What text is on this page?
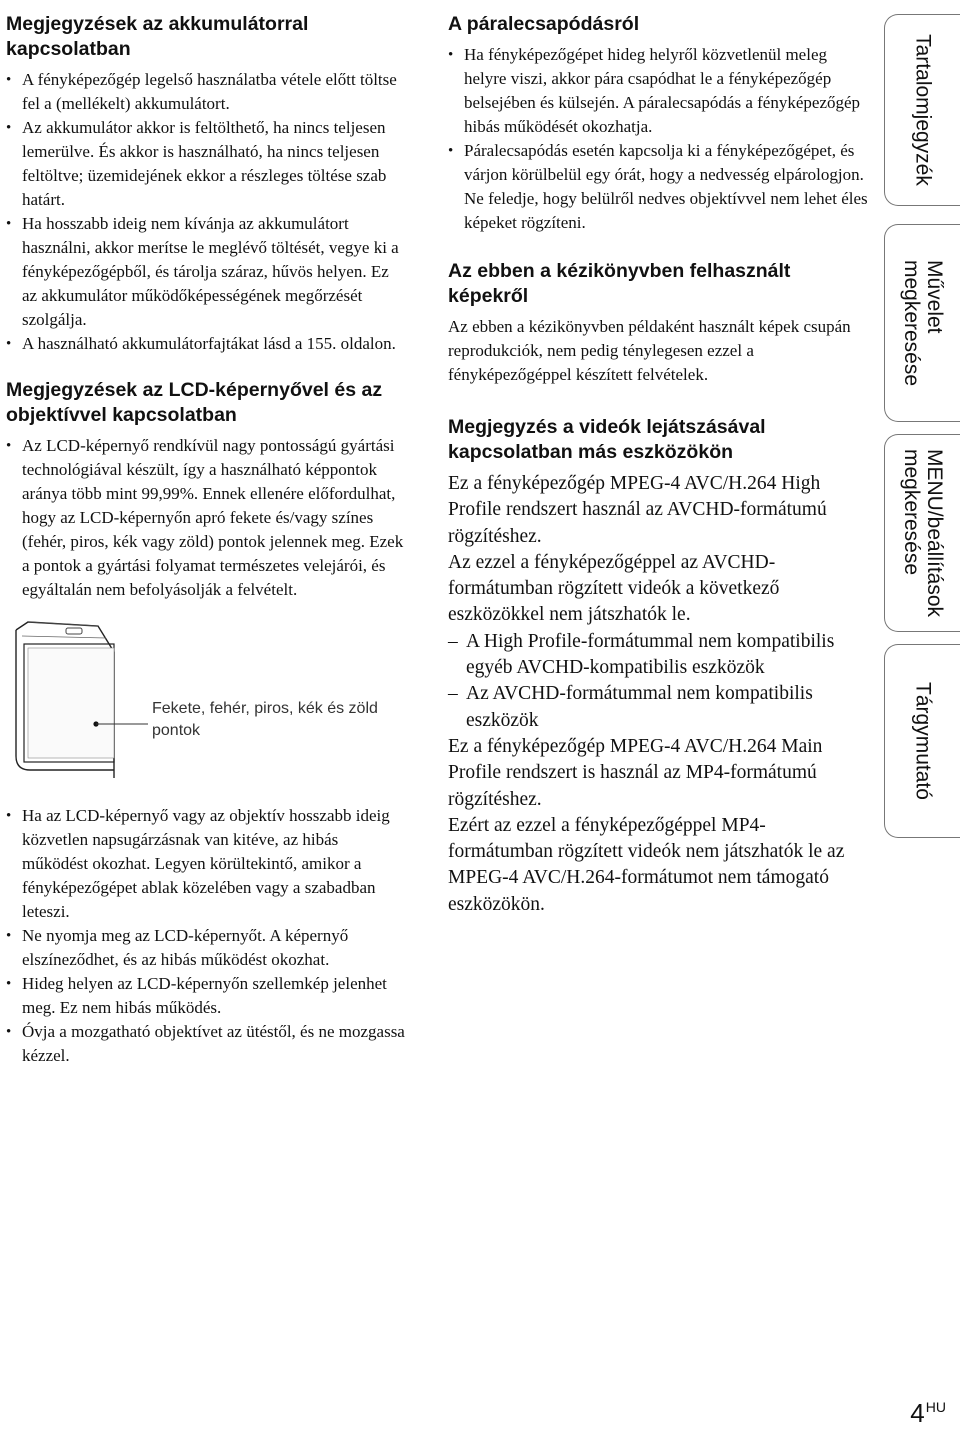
Megjegyzések az akkumulátorral kapcsolatban
• A fényképezőgép legelső használatba vétele előtt töltse fel a (mellékelt) akkumulátort.
• Az akkumulátor akkor is feltölthető, ha nincs teljesen lemerülve. És akkor is használható, ha nincs teljesen feltöltve; üzemidejének ekkor a részleges töltése szab határt.
• Ha hosszabb ideig nem kívánja az akkumulátort használni, akkor merítse le meglévő töltését, vegye ki a fényképezőgépből, és tárolja száraz, hűvös helyen. Ez az akkumulátor működőképességének megőrzését szolgálja.
• A használható akkumulátorfajtákat lásd a 155. oldalon.
Megjegyzések az LCD-képernyővel és az objektívvel kapcsolatban
• Az LCD-képernyő rendkívül nagy pontosságú gyártási technológiával készült, így a használható képpontok aránya több mint 99,99%. Ennek ellenére előfordulhat, hogy az LCD-képernyőn apró fekete és/vagy színes (fehér, piros, kék vagy zöld) pontok jelennek meg. Ezek a pontok a gyártási folyamat természetes velejárói, és egyáltalán nem befolyásolják a felvételt.
Fekete, fehér, piros, kék és zöld pontok
• Ha az LCD-képernyő vagy az objektív hosszabb ideig közvetlen napsugárzásnak van kitéve, az hibás működést okozhat. Legyen körültekintő, amikor a fényképezőgépet ablak közelében vagy a szabadban leteszi.
• Ne nyomja meg az LCD-képernyőt. A képernyő elszíneződhet, és az hibás működést okozhat.
• Hideg helyen az LCD-képernyőn szellemkép jelenhet meg. Ez nem hibás működés.
• Óvja a mozgatható objektívet az ütéstől, és ne mozgassa kézzel.
A páralecsapódásról
• Ha fényképezőgépet hideg helyről közvetlenül meleg helyre viszi, akkor pára csapódhat le a fényképezőgép belsejében és külsején. A páralecsapódás a fényképezőgép hibás működését okozhatja.
• Páralecsapódás esetén kapcsolja ki a fényképezőgépet, és várjon körülbelül egy órát, hogy a nedvesség elpárologjon. Ne feledje, hogy belülről nedves objektívvel nem lehet éles képeket rögzíteni.
Az ebben a kézikönyvben felhasznált képekről

Az ebben a kézikönyvben példaként használt képek csupán reprodukciók, nem pedig ténylegesen ezzel a fényképezőgéppel készített felvételek.

Megjegyzés a videók lejátszásával kapcsolatban más eszközökön

Ez a fényképezőgép MPEG-4 AVC/H.264 High Profile rendszert használ az AVCHD-formátumú rögzítéshez.

Az ezzel a fényképezőgéppel az AVCHD-formátumban rögzített videók a következő eszközökkel nem játszhatók le.

– A High Profile-formátummal nem kompatibilis egyéb AVCHD-kompatibilis eszközök

– Az AVCHD-formátummal nem kompatibilis eszközök

Ez a fényképezőgép MPEG-4 AVC/H.264 Main Profile rendszert is használ az MP4-formátumú rögzítéshez.

Ezért az ezzel a fényképezőgéppel MP4-formátumban rögzített videók nem játszhatók le az MPEG-4 AVC/H.264-formátumot nem támogató eszközökön.

Tartalomjegyzék
Művelet
megkeresése
MENU/beállítások
megkeresése
Tárgymutató
4HU
